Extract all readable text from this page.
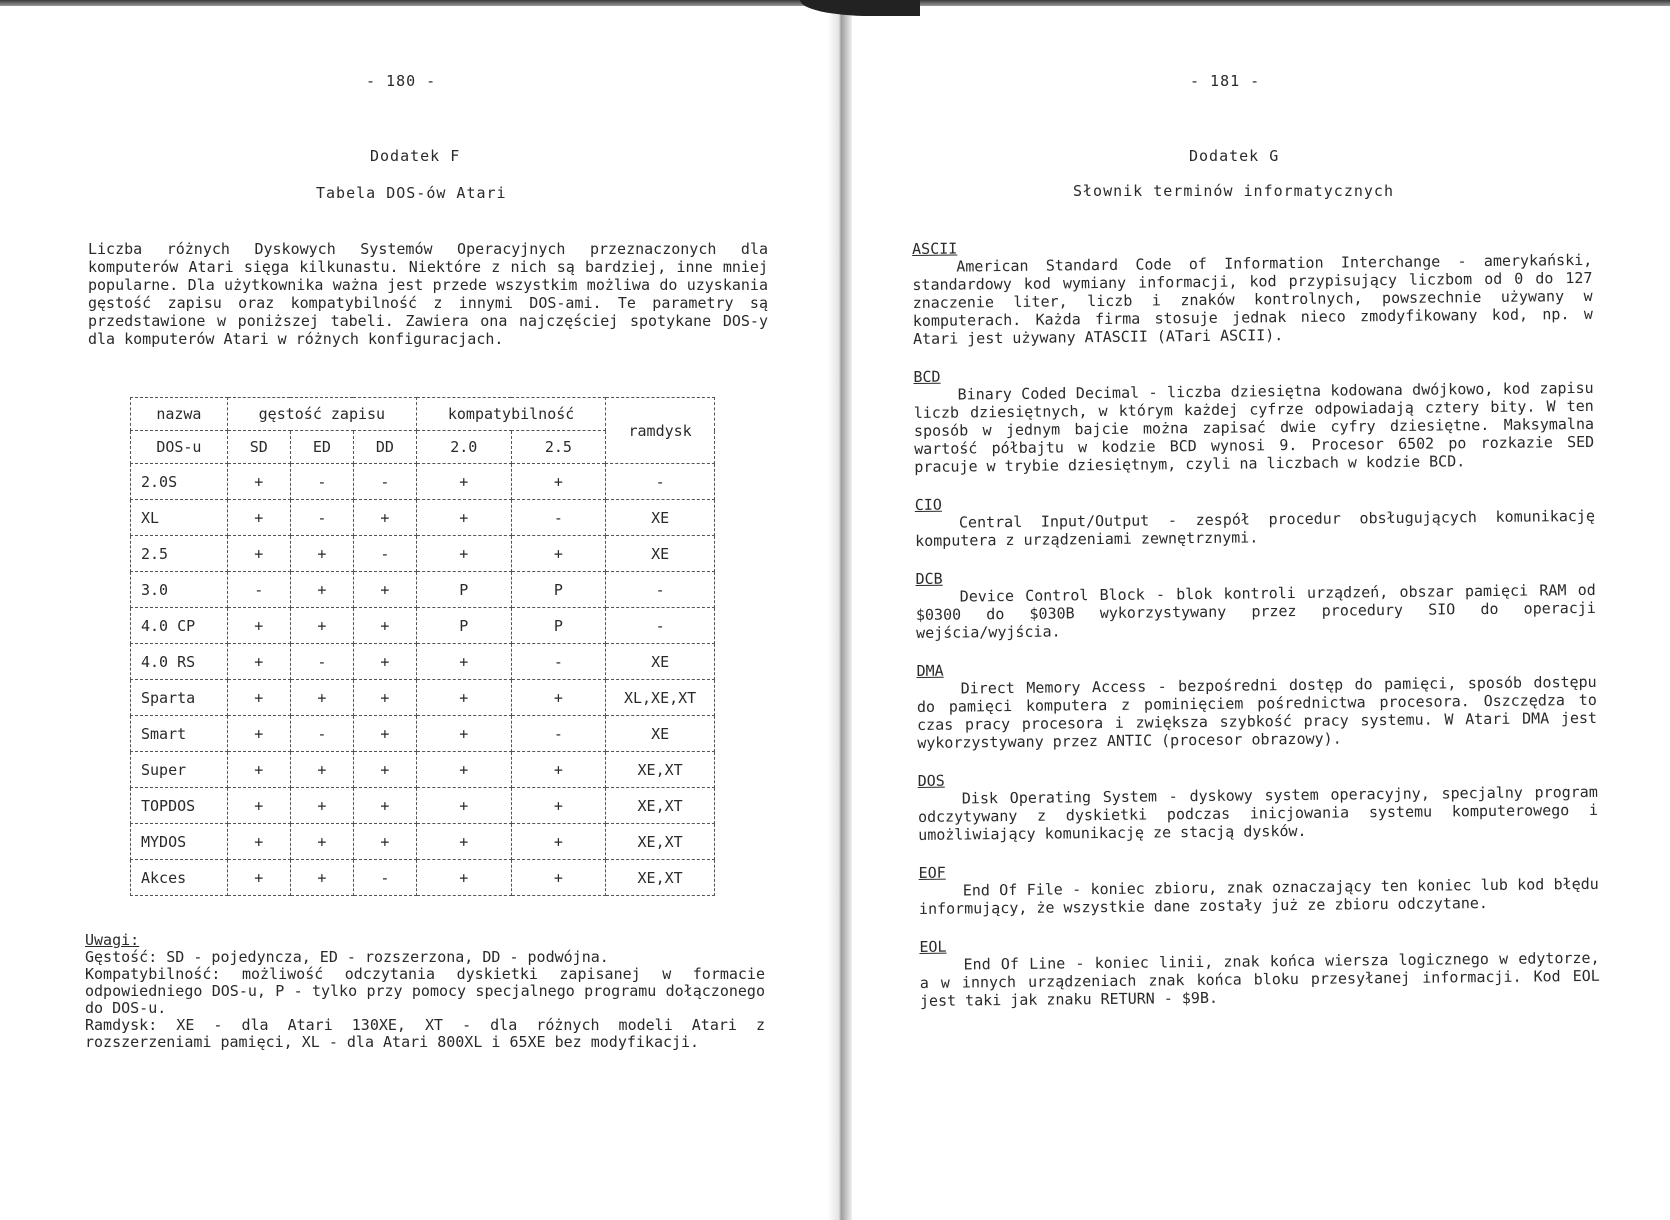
- 180 -
Dodatek F
Tabela DOS-ów Atari

Liczba różnych Dyskowych Systemów Operacyjnych przeznaczonych dla komputerów Atari sięga kilkunastu. Niektóre z nich są bardziej, inne mniej popularne. Dla użytkownika ważna jest przede wszystkim możliwa do uzyskania gęstość zapisu oraz kompatybilność z innymi DOS-ami. Te parametry są przedstawione w poniższej tabeli. Zawiera ona najczęściej spotykane DOS-y dla komputerów Atari w różnych konfiguracjach.

nazwa	gęstość zapisu			kompatybilność		ramdysk
DOS-u	SD	ED	DD	2.0	2.5	
2.0S	+	-	-	+	+	-
XL	+	-	+	+	-	XE
2.5	+	+	-	+	+	XE
3.0	-	+	+	P	P	-
4.0 CP	+	+	+	P	P	-
4.0 RS	+	-	+	+	-	XE
Sparta	+	+	+	+	+	XL,XE,XT
Smart	+	-	+	+	-	XE
Super	+	+	+	+	+	XE,XT
TOPDOS	+	+	+	+	+	XE,XT
MYDOS	+	+	+	+	+	XE,XT
Akces	+	+	-	+	+	XE,XT
Uwagi:

Gęstość: SD - pojedyncza, ED - rozszerzona, DD - podwójna.

Kompatybilność: możliwość odczytania dyskietki zapisanej w formacie odpowiedniego DOS-u, P - tylko przy pomocy specjalnego programu dołączonego do DOS-u.

Ramdysk: XE - dla Atari 130XE, XT - dla różnych modeli Atari z rozszerzeniami pamięci, XL - dla Atari 800XL i 65XE bez modyfikacji.

- 181 -
Dodatek G
Słownik terminów informatycznych
ASCII

American Standard Code of Information Interchange - amerykański, standardowy kod wymiany informacji, kod przypisujący liczbom od 0 do 127 znaczenie liter, liczb i znaków kontrolnych, powszechnie używany w komputerach. Każda firma stosuje jednak nieco zmodyfikowany kod, np. w Atari jest używany ATASCII (ATari ASCII).

BCD

Binary Coded Decimal - liczba dziesiętna kodowana dwójkowo, kod zapisu liczb dziesiętnych, w którym każdej cyfrze odpowiadają cztery bity. W ten sposób w jednym bajcie można zapisać dwie cyfry dziesiętne. Maksymalna wartość półbajtu w kodzie BCD wynosi 9. Procesor 6502 po rozkazie SED pracuje w trybie dziesiętnym, czyli na liczbach w kodzie BCD.

CIO

Central Input/Output - zespół procedur obsługujących komunikację komputera z urządzeniami zewnętrznymi.

DCB

Device Control Block - blok kontroli urządzeń, obszar pamięci RAM od $0300 do $030B wykorzystywany przez procedury SIO do operacji wejścia/wyjścia.

DMA

Direct Memory Access - bezpośredni dostęp do pamięci, sposób dostępu do pamięci komputera z pominięciem pośrednictwa procesora. Oszczędza to czas pracy procesora i zwiększa szybkość pracy systemu. W Atari DMA jest wykorzystywany przez ANTIC (procesor obrazowy).

DOS

Disk Operating System - dyskowy system operacyjny, specjalny program odczytywany z dyskietki podczas inicjowania systemu komputerowego i umożliwiający komunikację ze stacją dysków.

EOF

End Of File - koniec zbioru, znak oznaczający ten koniec lub kod błędu informujący, że wszystkie dane zostały już ze zbioru odczytane.

EOL

End Of Line - koniec linii, znak końca wiersza logicznego w edytorze, a w innych urządzeniach znak końca bloku przesyłanej informacji. Kod EOL jest taki jak znaku RETURN - $9B.
